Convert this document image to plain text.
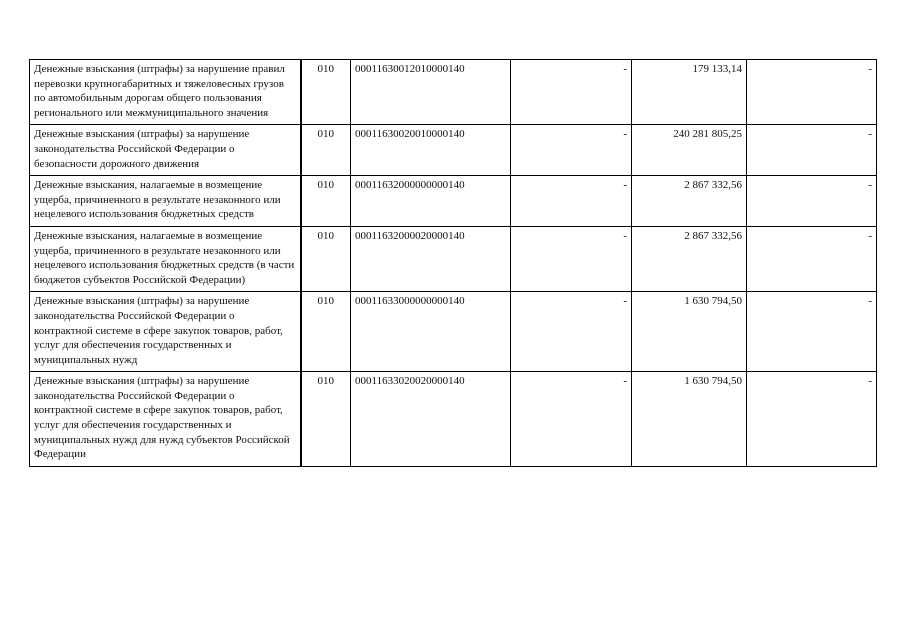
Денежные взыскания (штрафы) за нарушение правил перевозки крупногабаритных и тяжеловесных грузов по автомобильным дорогам общего пользования регионального или межмуниципального значения	010	00011630012010000140	-	179 133,14	-
Денежные взыскания (штрафы) за нарушение законодательства Российской Федерации о безопасности дорожного движения	010	00011630020010000140	-	240 281 805,25	-
Денежные взыскания, налагаемые в возмещение ущерба, причиненного в результате незаконного или нецелевого использования бюджетных средств	010	00011632000000000140	-	2 867 332,56	-
Денежные взыскания, налагаемые в возмещение ущерба, причиненного в результате незаконного или нецелевого использования бюджетных средств (в части бюджетов субъектов Российской Федерации)	010	00011632000020000140	-	2 867 332,56	-
Денежные взыскания (штрафы) за нарушение законодательства Российской Федерации о контрактной системе в сфере закупок товаров, работ, услуг для обеспечения государственных и муниципальных нужд	010	00011633000000000140	-	1 630 794,50	-
Денежные взыскания (штрафы) за нарушение законодательства Российской Федерации о контрактной системе в сфере закупок товаров, работ, услуг для обеспечения государственных и муниципальных нужд для нужд субъектов Российской Федерации	010	00011633020020000140	-	1 630 794,50	-
